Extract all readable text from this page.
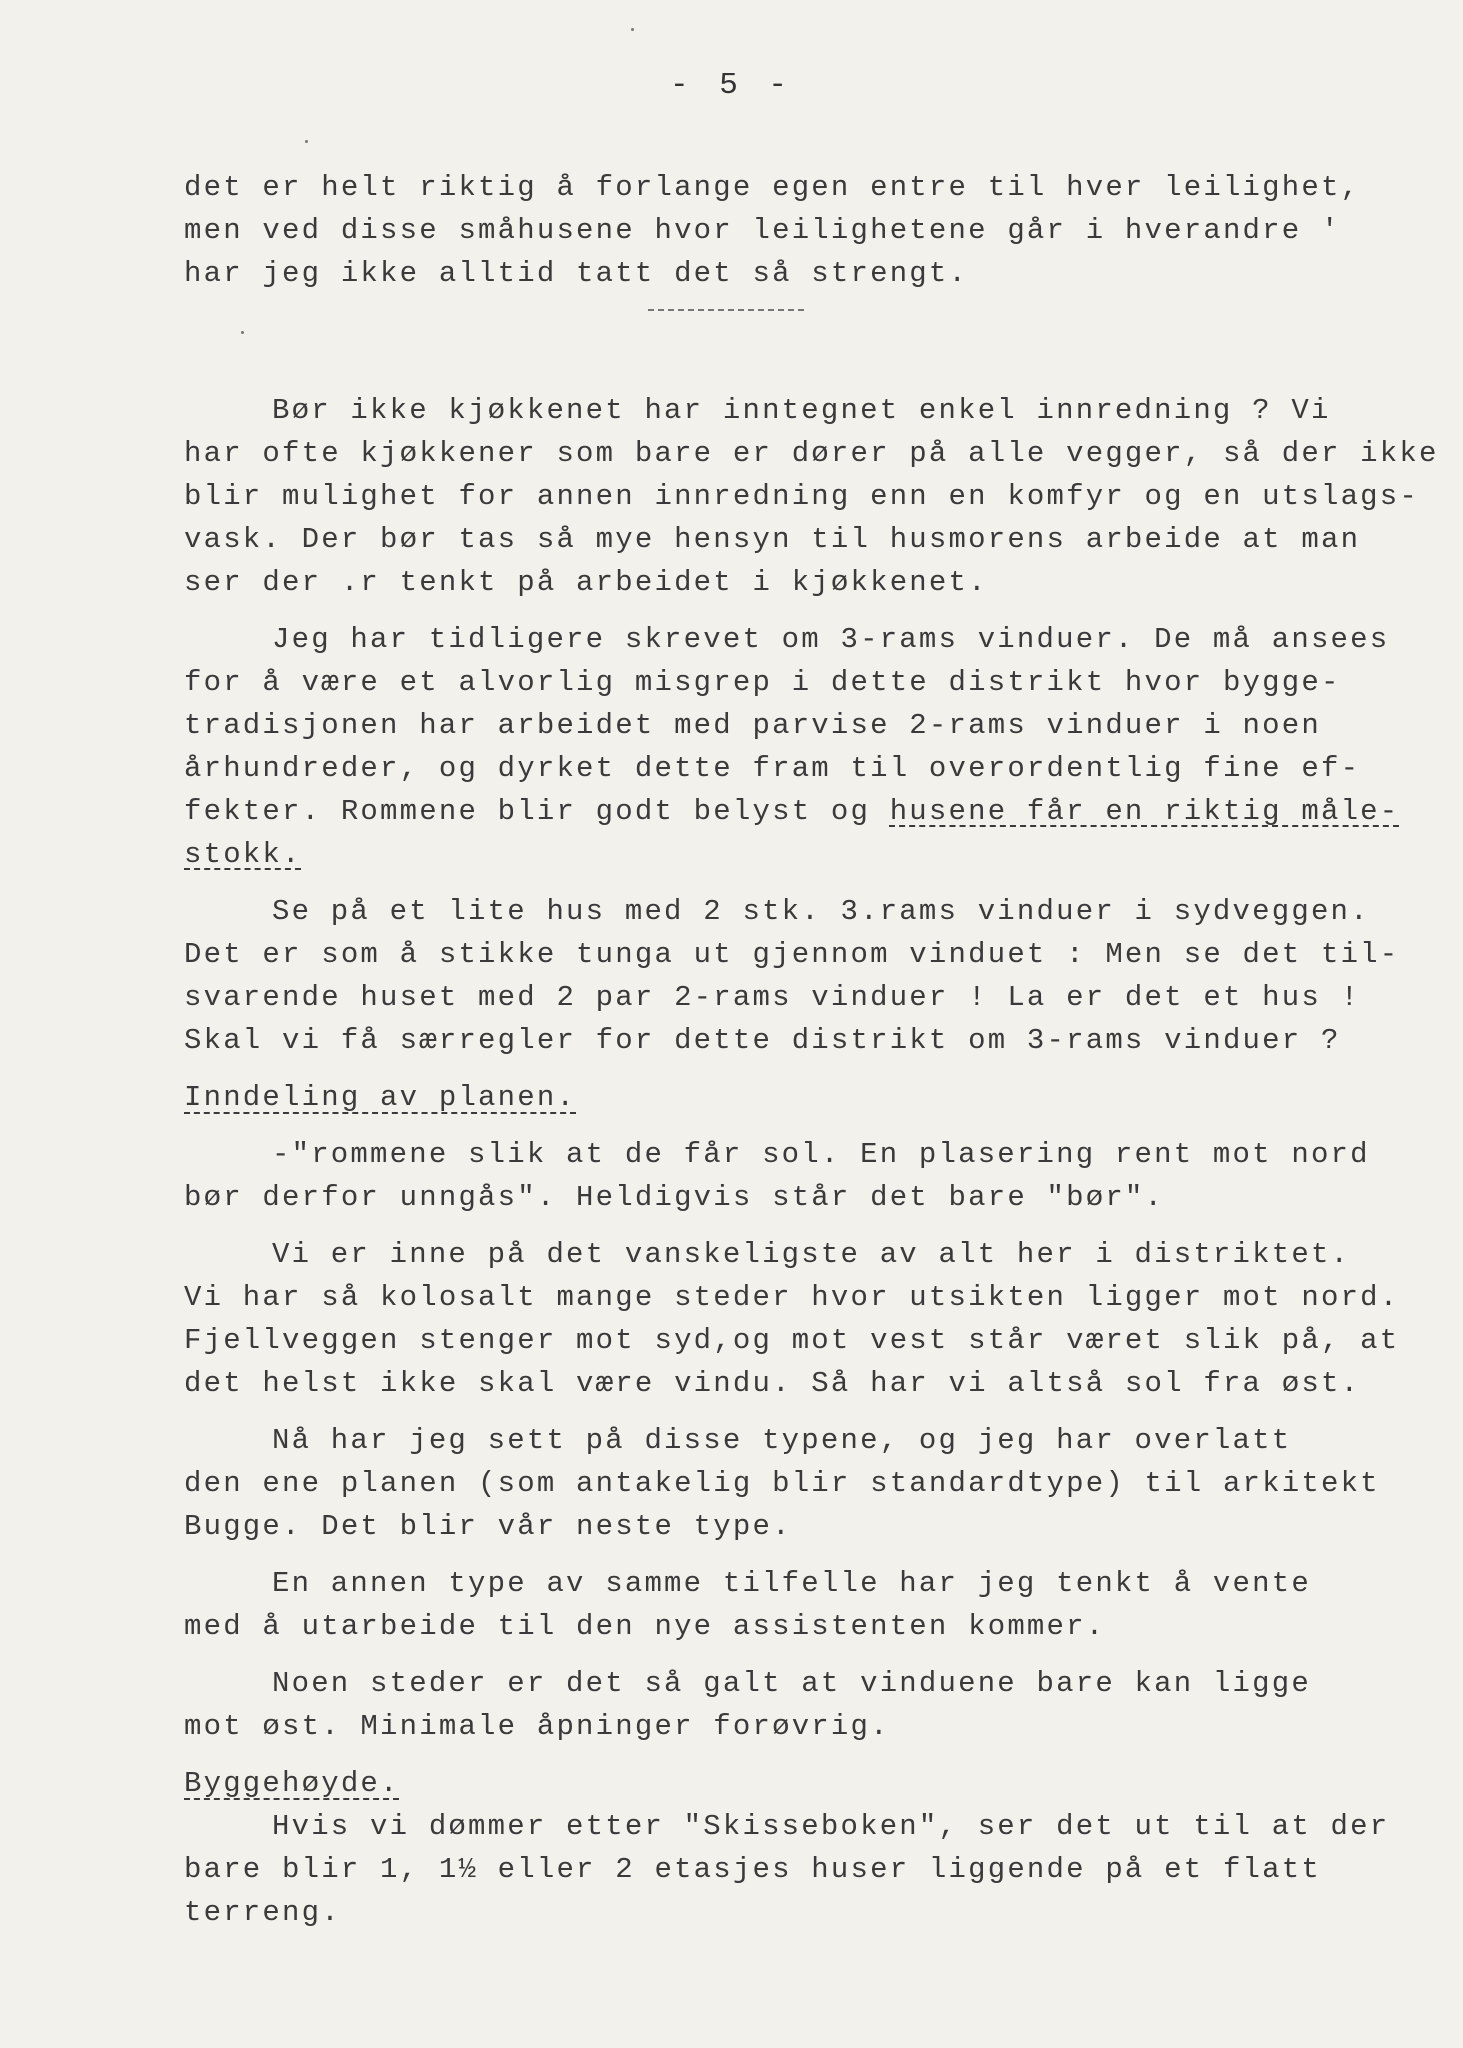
- 5 -
det er helt riktig å forlange egen entre til hver leilighet,
men ved disse småhusene hvor leilighetene går i hverandre '
har jeg ikke alltid tatt det så strengt.
Bør ikke kjøkkenet har inntegnet enkel innredning ? Vi
har ofte kjøkkener som bare er dører på alle vegger, så der ikke
blir mulighet for annen innredning enn en komfyr og en utslags-
vask. Der bør tas så mye hensyn til husmorens arbeide at man
ser der .r tenkt på arbeidet i kjøkkenet.
Jeg har tidligere skrevet om 3-rams vinduer. De må ansees
for å være et alvorlig misgrep i dette distrikt hvor bygge-
tradisjonen har arbeidet med parvise 2-rams vinduer i noen
århundreder, og dyrket dette fram til overordentlig fine ef-
fekter. Rommene blir godt belyst og husene får en riktig måle-
stokk.
Se på et lite hus med 2 stk. 3.rams vinduer i sydveggen.
Det er som å stikke tunga ut gjennom vinduet : Men se det til-
svarende huset med 2 par 2-rams vinduer ! La er det et hus !
Skal vi få særregler for dette distrikt om 3-rams vinduer ?
Inndeling av planen.
-"rommene slik at de får sol. En plasering rent mot nord
bør derfor unngås". Heldigvis står det bare "bør".
Vi er inne på det vanskeligste av alt her i distriktet.
Vi har så kolosalt mange steder hvor utsikten ligger mot nord.
Fjellveggen stenger mot syd,og mot vest står været slik på, at
det helst ikke skal være vindu. Så har vi altså sol fra øst.
Nå har jeg sett på disse typene, og jeg har overlatt
den ene planen (som antakelig blir standardtype) til arkitekt
Bugge. Det blir vår neste type.
En annen type av samme tilfelle har jeg tenkt å vente
med å utarbeide til den nye assistenten kommer.
Noen steder er det så galt at vinduene bare kan ligge
mot øst. Minimale åpninger forøvrig.
Byggehøyde.
Hvis vi dømmer etter "Skisseboken", ser det ut til at der
bare blir 1, 1½ eller 2 etasjes huser liggende på et flatt
terreng.
